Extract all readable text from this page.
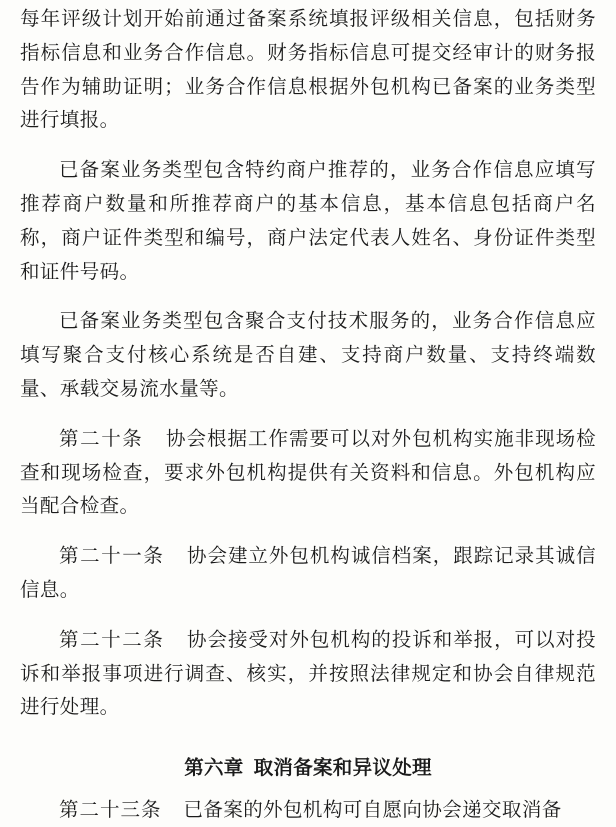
每年评级计划开始前通过备案系统填报评级相关信息，包括财务指标信息和业务合作信息。财务指标信息可提交经审计的财务报告作为辅助证明；业务合作信息根据外包机构已备案的业务类型进行填报。

已备案业务类型包含特约商户推荐的，业务合作信息应填写推荐商户数量和所推荐商户的基本信息，基本信息包括商户名称，商户证件类型和编号，商户法定代表人姓名、身份证件类型和证件号码。

已备案业务类型包含聚合支付技术服务的，业务合作信息应填写聚合支付核心系统是否自建、支持商户数量、支持终端数量、承载交易流水量等。

第二十条 协会根据工作需要可以对外包机构实施非现场检查和现场检查，要求外包机构提供有关资料和信息。外包机构应当配合检查。

第二十一条 协会建立外包机构诚信档案，跟踪记录其诚信信息。

第二十二条 协会接受对外包机构的投诉和举报，可以对投诉和举报事项进行调查、核实，并按照法律规定和协会自律规范进行处理。

第六章 取消备案和异议处理

第二十三条 已备案的外包机构可自愿向协会递交取消备
